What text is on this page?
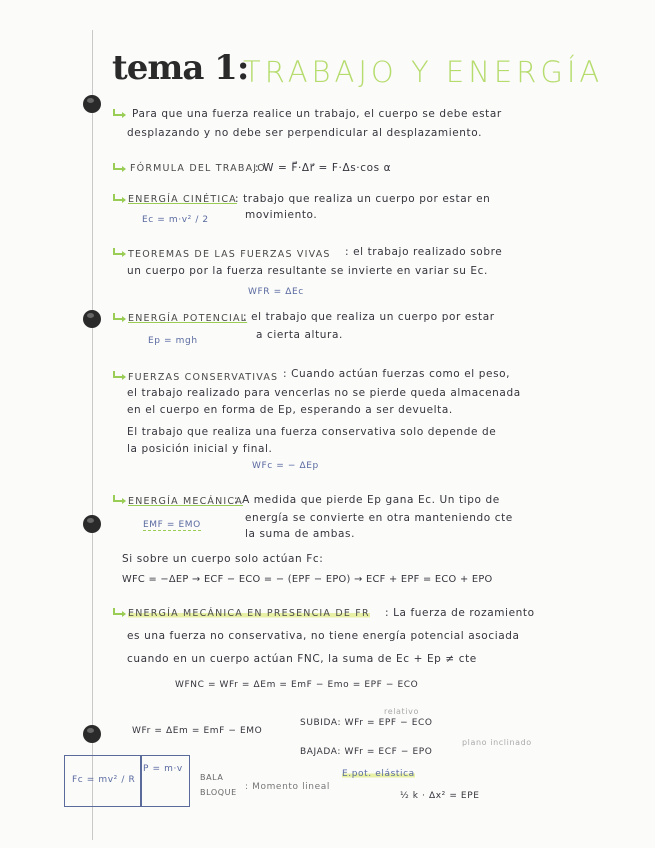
tema 1:
TRABAJO Y ENERGÍA
Para que una fuerza realice un trabajo, el cuerpo se debe estar
desplazando y no debe ser perpendicular al desplazamiento.
FÓRMULA DEL TRABAJO
: W = F⃗·Δr⃗ = F·Δs·cos α
ENERGÍA CINÉTICA
: trabajo que realiza un cuerpo por estar en
movimiento.
Ec = m·v² / 2
TEOREMAS DE LAS FUERZAS VIVAS : el trabajo realizado sobre
un cuerpo por la fuerza resultante se invierte en variar su Ec.
WFR = ΔEc
ENERGÍA POTENCIAL
: el trabajo que realiza un cuerpo por estar
a cierta altura.
Ep = mgh
FUERZAS CONSERVATIVAS : Cuando actúan fuerzas como el peso,
el trabajo realizado para vencerlas no se pierde queda almacenada
en el cuerpo en forma de Ep, esperando a ser devuelta.
El trabajo que realiza una fuerza conservativa solo depende de
la posición inicial y final.
WFc = − ΔEp
ENERGÍA MECÁNICA
: A medida que pierde Ep gana Ec. Un tipo de
energía se convierte en otra manteniendo cte
la suma de ambas.
EMF = EMO
Si sobre un cuerpo solo actúan Fc:
WFC = −ΔEP → ECF − ECO = − (EPF − EPO) → ECF + EPF = ECO + EPO
ENERGÍA MECÁNICA EN PRESENCIA DE FR : La fuerza de rozamiento
es una fuerza no conservativa, no tiene energía potencial asociada
cuando en un cuerpo actúan FNC, la suma de Ec + Ep ≠ cte
WFNC = WFr = ΔEm = EmF − Emo = EPF − ECO
relativo
WFr = ΔEm = EmF − EMO
SUBIDA: WFr = EPF − ECO
BAJADA: WFr = ECF − EPO
plano inclinado
Fc = mv² / R
P = m·v
BALA
BLOQUE
: Momento lineal
E.pot. elástica
½ k · Δx² = EPE
